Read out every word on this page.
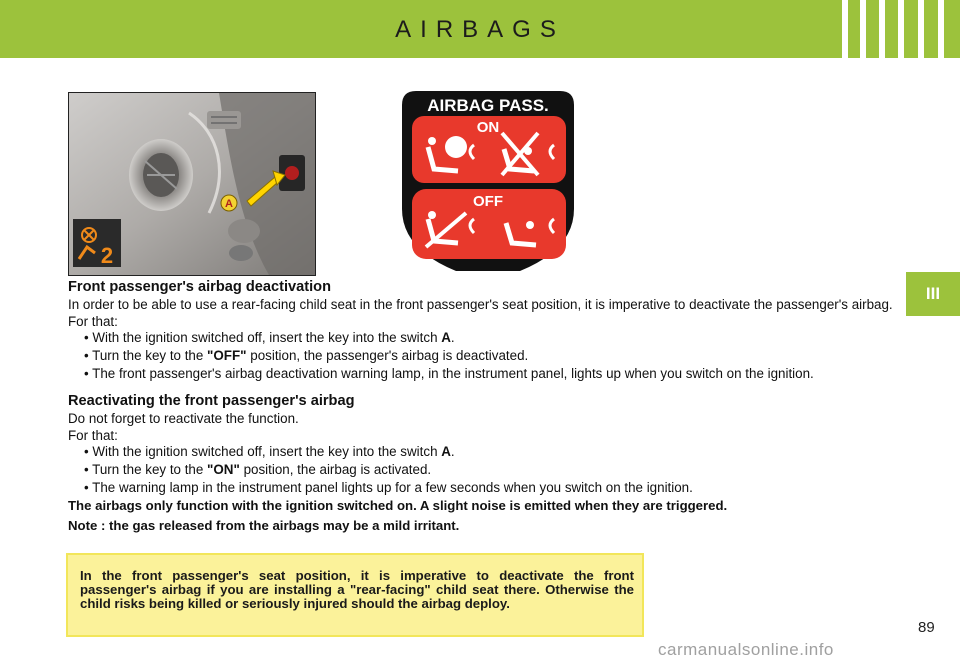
AIRBAGS
III
A
2
AIRBAG PASS.
ON
OFF
Front passenger's airbag deactivation

In order to be able to use a rear-facing child seat in the front passenger's seat position, it is imperative to deactivate the passenger's airbag.

For that:

• With the ignition switched off, insert the key into the switch A.

• Turn the key to the "OFF" position, the passenger's airbag is deactivated.

• The front passenger's airbag deactivation warning lamp, in the instrument panel, lights up when you switch on the ignition.

Reactivating the front passenger's airbag

Do not forget to reactivate the function.

For that:

• With the ignition switched off, insert the key into the switch A.

• Turn the key to the "ON" position, the airbag is activated.

• The warning lamp in the instrument panel lights up for a few seconds when you switch on the ignition.

The airbags only function with the ignition switched on. A slight noise is emitted when they are triggered.

Note : the gas released from the airbags may be a mild irritant.

In the front passenger's seat position, it is imperative to deactivate the front passenger's airbag if you are installing a "rear-facing" child seat there. Otherwise the child risks being killed or seriously injured should the airbag deploy.
89
carmanualsonline.info
